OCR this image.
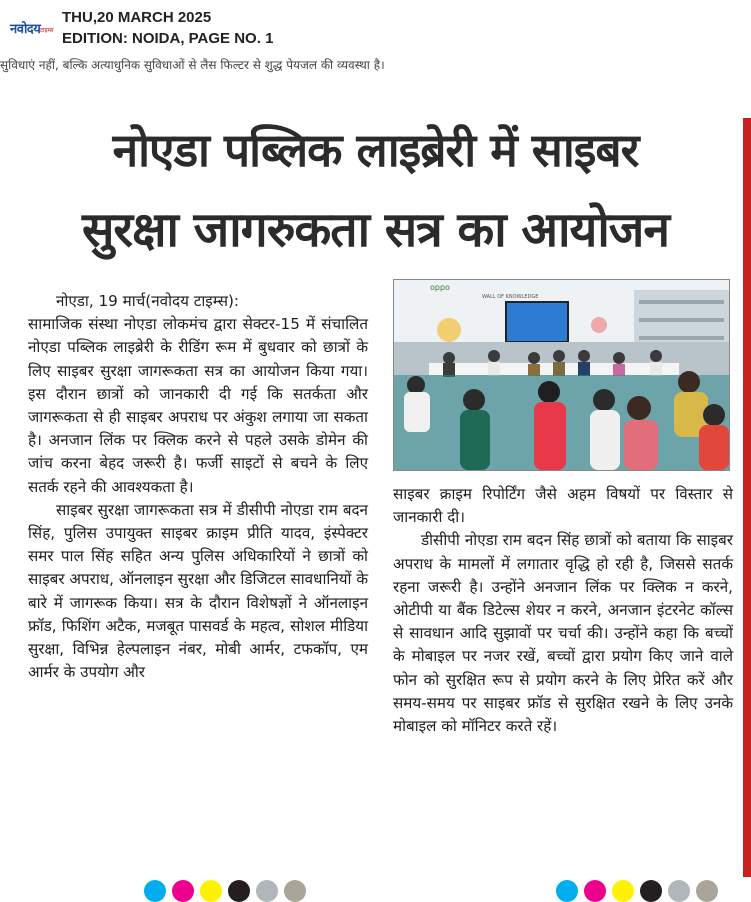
नवोदय टाइम्स
THU,20 MARCH 2025
EDITION: NOIDA, PAGE NO. 1
सुविधाएं नहीं, बल्कि अत्याधुनिक सुविधाओं से लैस फिल्टर से शुद्ध पेयजल की व्यवस्था है।
नोएडा पब्लिक लाइब्रेरी में साइबर
सुरक्षा जागरुकता सत्र का आयोजन

नोएडा, 19 मार्च(नवोदय टाइम्स):

सामाजिक संस्था नोएडा लोकमंच द्वारा सेक्टर-15 में संचालित नोएडा पब्लिक लाइब्रेरी के रीडिंग रूम में बुधवार को छात्रों के लिए साइबर सुरक्षा जागरूकता सत्र का आयोजन किया गया। इस दौरान छात्रों को जानकारी दी गई कि सतर्कता और जागरूकता से ही साइबर अपराध पर अंकुश लगाया जा सकता है। अनजान लिंक पर क्लिक करने से पहले उसके डोमेन की जांच करना बेहद जरूरी है। फर्जी साइटों से बचने के लिए सतर्क रहने की आवश्यकता है।

साइबर सुरक्षा जागरूकता सत्र में डीसीपी नोएडा राम बदन सिंह, पुलिस उपायुक्त साइबर क्राइम प्रीति यादव, इंस्पेक्टर समर पाल सिंह सहित अन्य पुलिस अधिकारियों ने छात्रों को साइबर अपराध, ऑनलाइन सुरक्षा और डिजिटल सावधानियों के बारे में जागरूक किया। सत्र के दौरान विशेषज्ञों ने ऑनलाइन फ्रॉड, फिशिंग अटैक, मजबूत पासवर्ड के महत्व, सोशल मीडिया सुरक्षा, विभिन्न हेल्पलाइन नंबर, मोबी आर्मर, टफकॉप, एम आर्मर के उपयोग और

oppo
WALL OF KNOWLEDGE

साइबर क्राइम रिपोर्टिंग जैसे अहम विषयों पर विस्तार से जानकारी दी।

डीसीपी नोएडा राम बदन सिंह छात्रों को बताया कि साइबर अपराध के मामलों में लगातार वृद्धि हो रही है, जिससे सतर्क रहना जरूरी है। उन्होंने अनजान लिंक पर क्लिक न करने, ओटीपी या बैंक डिटेल्स शेयर न करने, अनजान इंटरनेट कॉल्स से सावधान आदि सुझावों पर चर्चा की। उन्होंने कहा कि बच्चों के मोबाइल पर नजर रखें, बच्चों द्वारा प्रयोग किए जाने वाले फोन को सुरक्षित रूप से प्रयोग करने के लिए प्रेरित करें और समय-समय पर साइबर फ्रॉड से सुरक्षित रखने के लिए उनके मोबाइल को मॉनिटर करते रहें।
